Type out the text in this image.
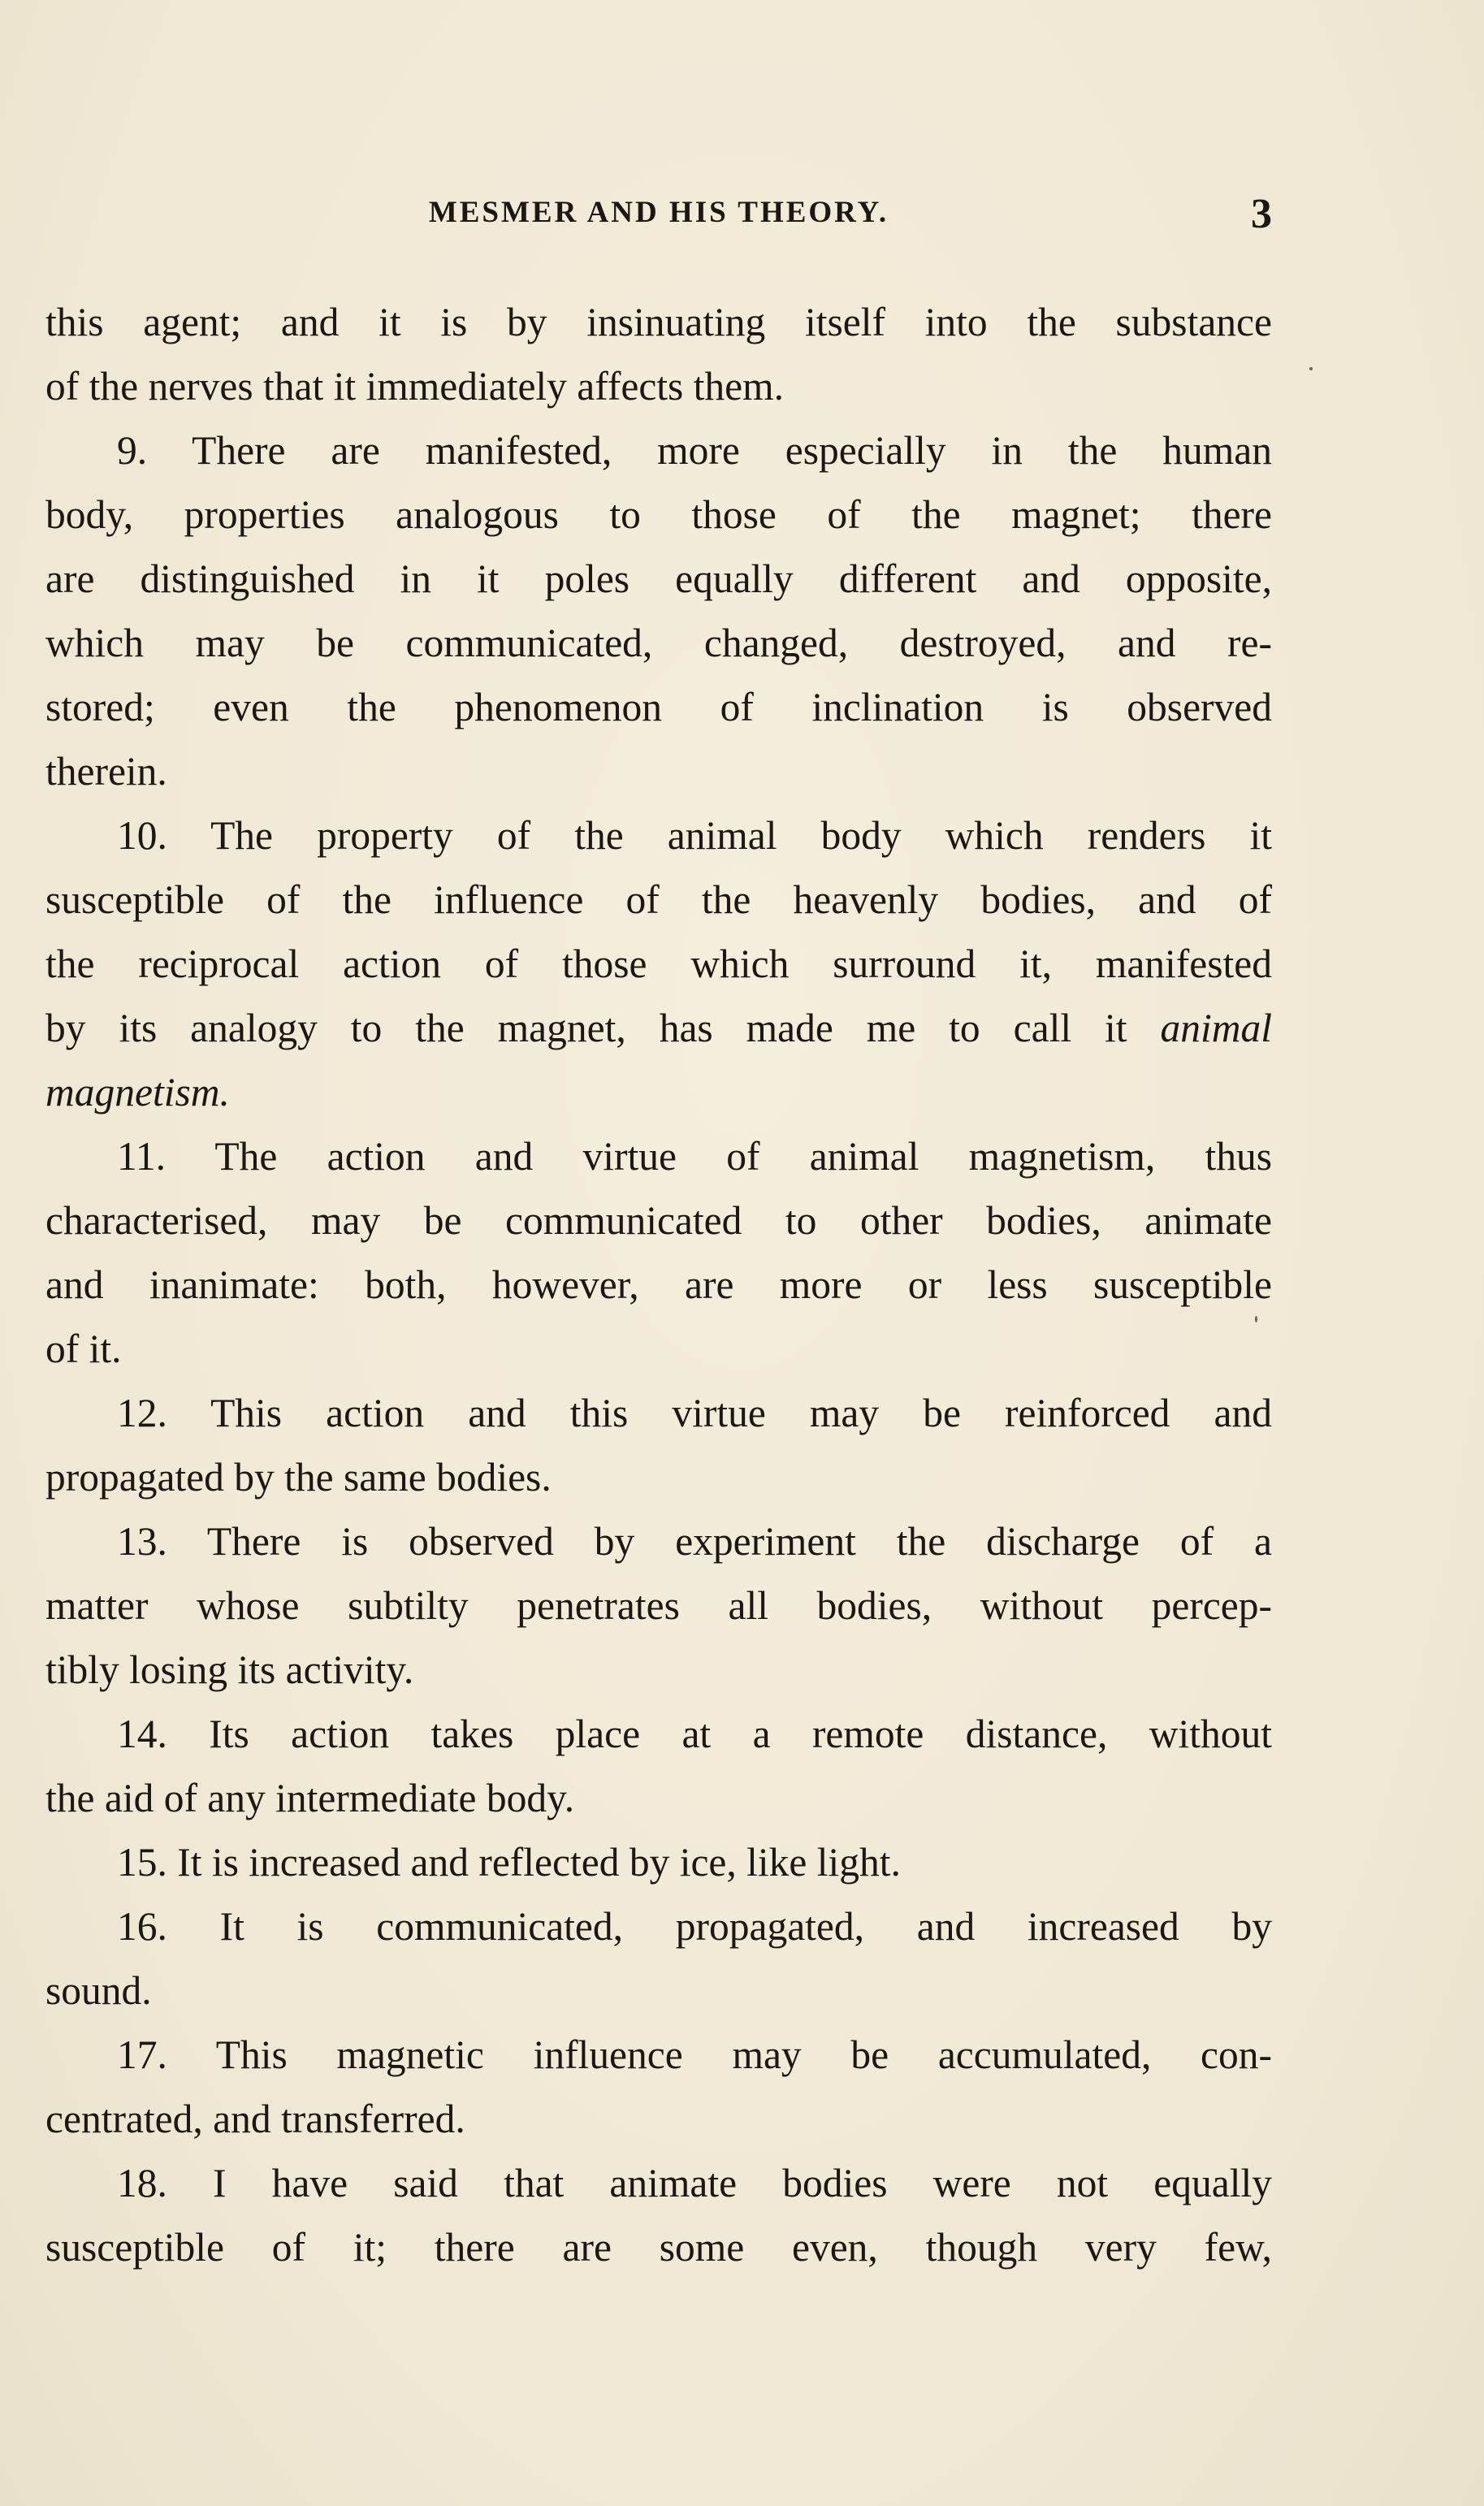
MESMER AND HIS THEORY.	3
this agent; and it is by insinuating itself into the substance
of the nerves that it immediately affects them.
9. There are manifested, more especially in the human
body, properties analogous to those of the magnet; there
are distinguished in it poles equally different and opposite,
which may be communicated, changed, destroyed, and re-
stored; even the phenomenon of inclination is observed
therein.
10. The property of the animal body which renders it
susceptible of the influence of the heavenly bodies, and of
the reciprocal action of those which surround it, manifested
by its analogy to the magnet, has made me to call it animal
magnetism.
11. The action and virtue of animal magnetism, thus
characterised, may be communicated to other bodies, animate
and inanimate: both, however, are more or less susceptible
of it.
12. This action and this virtue may be reinforced and
propagated by the same bodies.
13. There is observed by experiment the discharge of a
matter whose subtilty penetrates all bodies, without percep-
tibly losing its activity.
14. Its action takes place at a remote distance, without
the aid of any intermediate body.
15. It is increased and reflected by ice, like light.
16. It is communicated, propagated, and increased by
sound.
17. This magnetic influence may be accumulated, con-
centrated, and transferred.
18. I have said that animate bodies were not equally
susceptible of it; there are some even, though very few,
